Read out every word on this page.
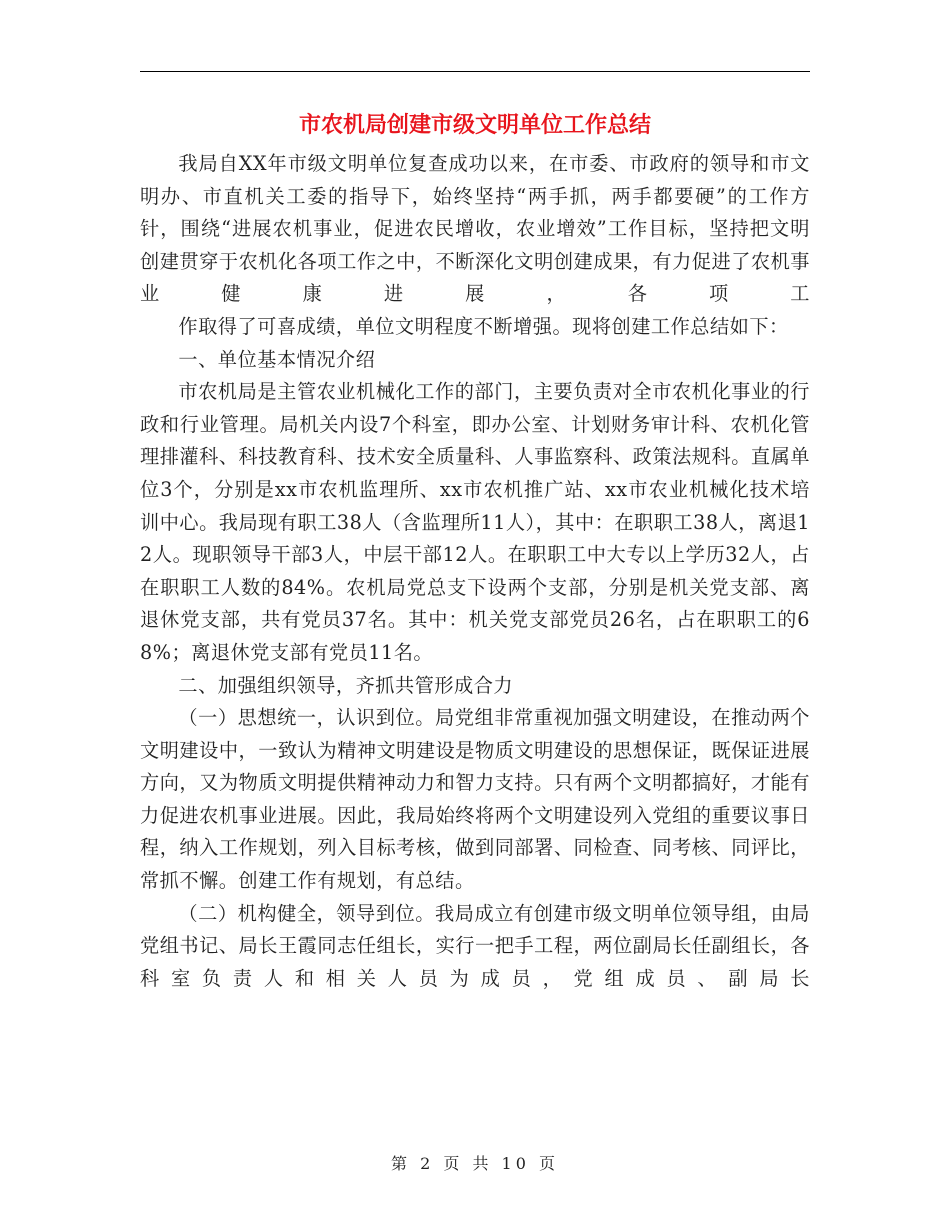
市农机局创建市级文明单位工作总结

我局自XX年市级文明单位复查成功以来，在市委、市政府的领导和市文明办、市直机关工委的指导下，始终坚持“两手抓，两手都要硬”的工作方针，围绕“进展农机事业，促进农民增收，农业增效”工作目标，坚持把文明创建贯穿于农机化各项工作之中，不断深化文明创建成果，有力促进了农机事业健康进展，各项工

作取得了可喜成绩，单位文明程度不断增强。现将创建工作总结如下：

一、单位基本情况介绍

市农机局是主管农业机械化工作的部门，主要负责对全市农机化事业的行政和行业管理。局机关内设7个科室，即办公室、计划财务审计科、农机化管理排灌科、科技教育科、技术安全质量科、人事监察科、政策法规科。直属单位3个，分别是xx市农机监理所、xx市农机推广站、xx市农业机械化技术培训中心。我局现有职工38人（含监理所11人），其中：在职职工38人，离退12人。现职领导干部3人，中层干部12人。在职职工中大专以上学历32人，占在职职工人数的84%。农机局党总支下设两个支部，分别是机关党支部、离退休党支部，共有党员37名。其中：机关党支部党员26名，占在职职工的68%；离退休党支部有党员11名。

二、加强组织领导，齐抓共管形成合力

（一）思想统一，认识到位。局党组非常重视加强文明建设，在推动两个文明建设中，一致认为精神文明建设是物质文明建设的思想保证，既保证进展方向，又为物质文明提供精神动力和智力支持。只有两个文明都搞好，才能有力促进农机事业进展。因此，我局始终将两个文明建设列入党组的重要议事日程，纳入工作规划，列入目标考核，做到同部署、同检查、同考核、同评比，常抓不懈。创建工作有规划，有总结。

（二）机构健全，领导到位。我局成立有创建市级文明单位领导组，由局党组书记、局长王霞同志任组长，实行一把手工程，两位副局长任副组长，各科室负责人和相关人员为成员，党组成员、副局长

第 2 页 共 10 页
